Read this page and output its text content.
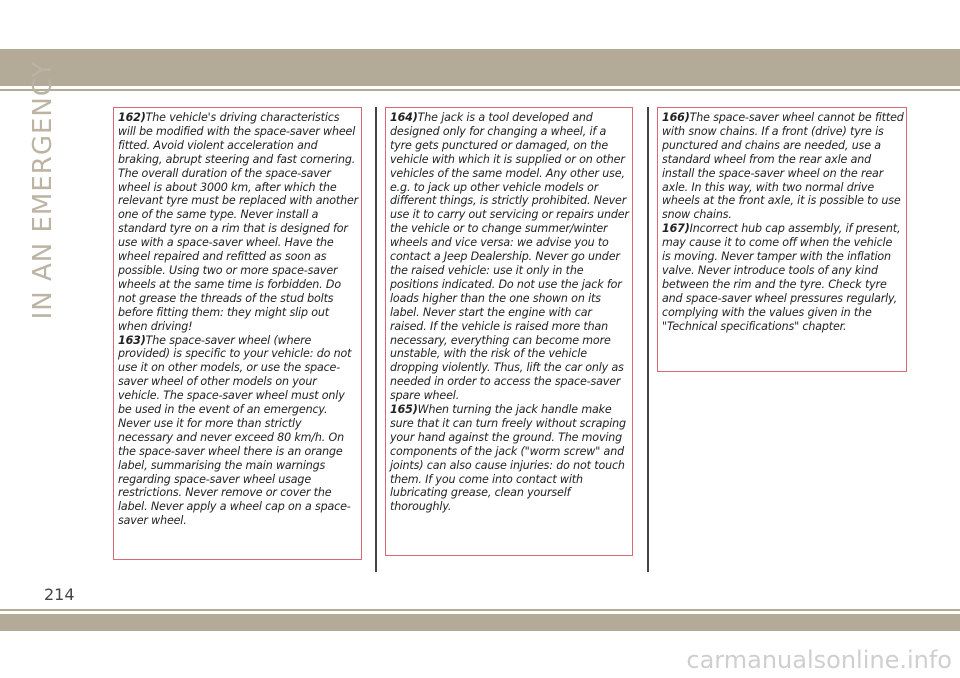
IN AN EMERGENCY	162)The vehicle's driving characteristics will be modified with the space-saver wheel fitted. Avoid violent acceleration and braking, abrupt steering and fast cornering. The overall duration of the space-saver wheel is about 3000 km, after which the relevant tyre must be replaced with another one of the same type. Never install a standard tyre on a rim that is designed for use with a space-saver wheel. Have the wheel repaired and refitted as soon as possible. Using two or more space-saver wheels at the same time is forbidden. Do not grease the threads of the stud bolts before fitting them: they might slip out when driving!

163)The space-saver wheel (where provided) is specific to your vehicle: do not use it on other models, or use the space-saver wheel of other models on your vehicle. The space-saver wheel must only be used in the event of an emergency. Never use it for more than strictly necessary and never exceed 80 km/h. On the space-saver wheel there is an orange label, summarising the main warnings regarding space-saver wheel usage restrictions. Never remove or cover the label. Never apply a wheel cap on a space-saver wheel.

164)The jack is a tool developed and designed only for changing a wheel, if a tyre gets punctured or damaged, on the vehicle with which it is supplied or on other vehicles of the same model. Any other use, e.g. to jack up other vehicle models or different things, is strictly prohibited. Never use it to carry out servicing or repairs under the vehicle or to change summer/winter wheels and vice versa: we advise you to contact a Jeep Dealership. Never go under the raised vehicle: use it only in the positions indicated. Do not use the jack for loads higher than the one shown on its label. Never start the engine with car raised. If the vehicle is raised more than necessary, everything can become more unstable, with the risk of the vehicle dropping violently. Thus, lift the car only as needed in order to access the space-saver spare wheel.

165)When turning the jack handle make sure that it can turn freely without scraping your hand against the ground. The moving components of the jack ("worm screw" and joints) can also cause injuries: do not touch them. If you come into contact with lubricating grease, clean yourself thoroughly.

166)The space-saver wheel cannot be fitted with snow chains. If a front (drive) tyre is punctured and chains are needed, use a standard wheel from the rear axle and install the space-saver wheel on the rear axle. In this way, with two normal drive wheels at the front axle, it is possible to use snow chains.

167)Incorrect hub cap assembly, if present, may cause it to come off when the vehicle is moving. Never tamper with the inflation valve. Never introduce tools of any kind between the rim and the tyre. Check tyre and space-saver wheel pressures regularly, complying with the values given in the "Technical specifications" chapter.

214
carmanualsonline.info
